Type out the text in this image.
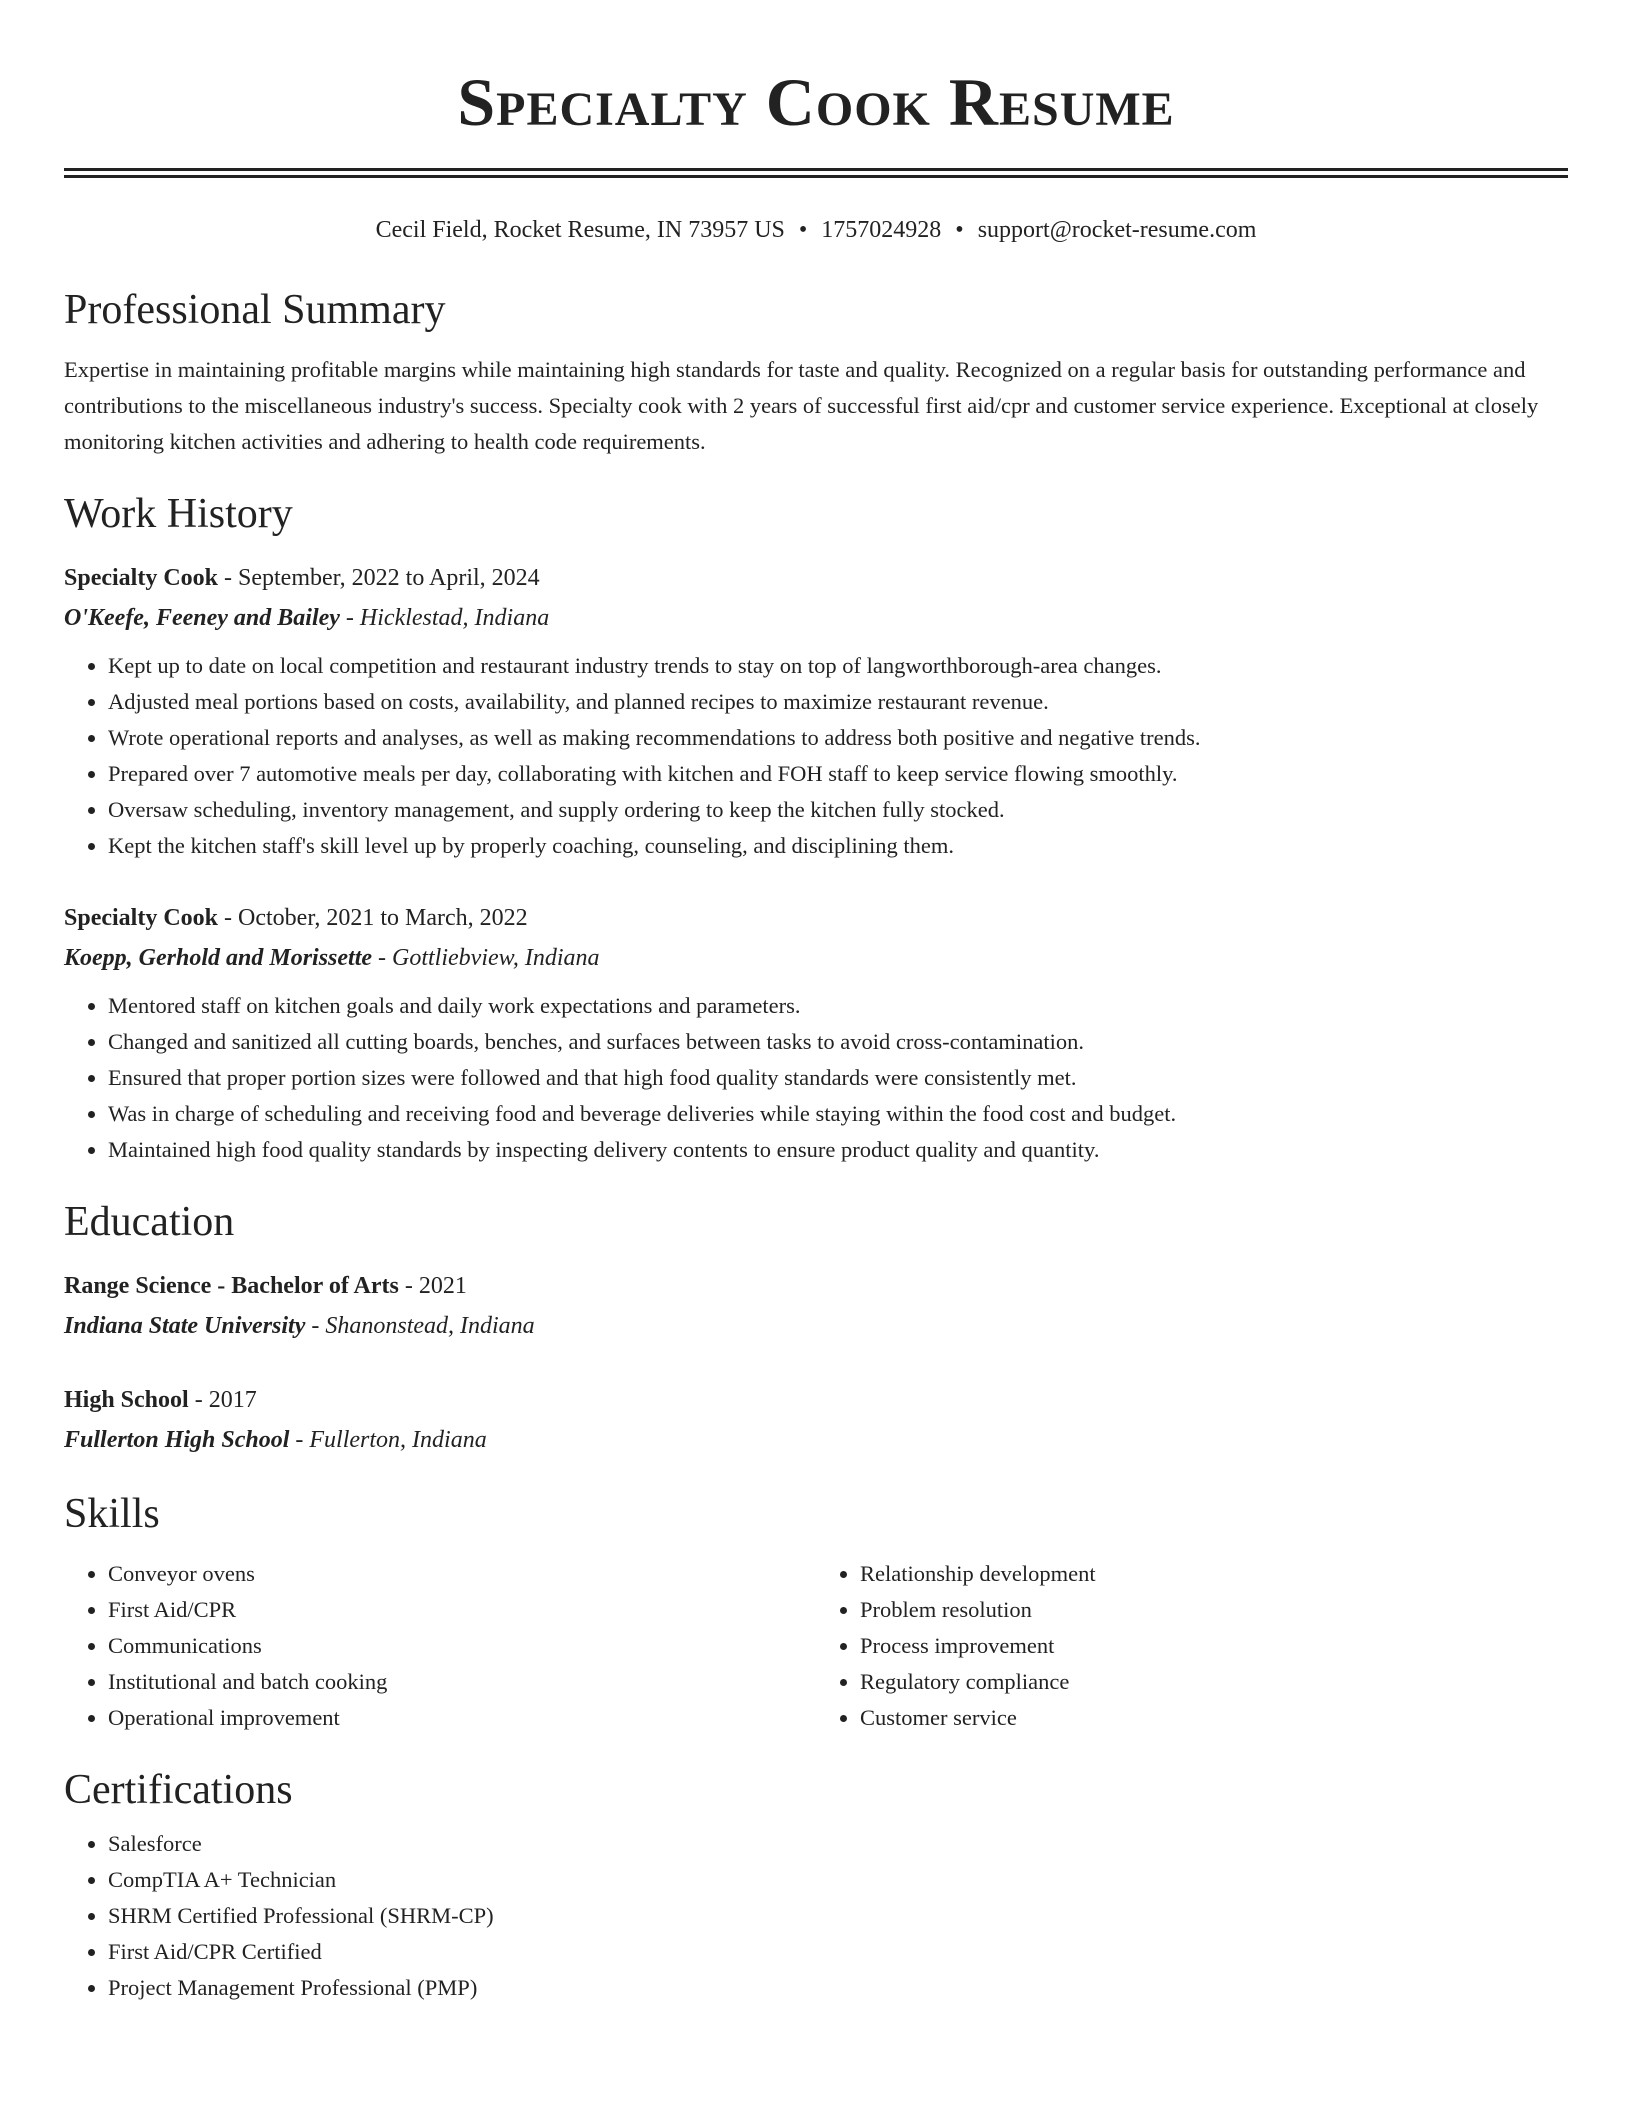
Specialty Cook Resume
Cecil Field, Rocket Resume, IN 73957 US • 1757024928 • support@rocket-resume.com
Professional Summary

Expertise in maintaining profitable margins while maintaining high standards for taste and quality. Recognized on a regular basis for outstanding performance and contributions to the miscellaneous industry's success. Specialty cook with 2 years of successful first aid/cpr and customer service experience. Exceptional at closely monitoring kitchen activities and adhering to health code requirements.

Work History
Specialty Cook - September, 2022 to April, 2024
O'Keefe, Feeney and Bailey - Hicklestad, Indiana
• Kept up to date on local competition and restaurant industry trends to stay on top of langworthborough-area changes.
• Adjusted meal portions based on costs, availability, and planned recipes to maximize restaurant revenue.
• Wrote operational reports and analyses, as well as making recommendations to address both positive and negative trends.
• Prepared over 7 automotive meals per day, collaborating with kitchen and FOH staff to keep service flowing smoothly.
• Oversaw scheduling, inventory management, and supply ordering to keep the kitchen fully stocked.
• Kept the kitchen staff's skill level up by properly coaching, counseling, and disciplining them.
Specialty Cook - October, 2021 to March, 2022
Koepp, Gerhold and Morissette - Gottliebview, Indiana
• Mentored staff on kitchen goals and daily work expectations and parameters.
• Changed and sanitized all cutting boards, benches, and surfaces between tasks to avoid cross-contamination.
• Ensured that proper portion sizes were followed and that high food quality standards were consistently met.
• Was in charge of scheduling and receiving food and beverage deliveries while staying within the food cost and budget.
• Maintained high food quality standards by inspecting delivery contents to ensure product quality and quantity.
Education
Range Science - Bachelor of Arts - 2021
Indiana State University - Shanonstead, Indiana
High School - 2017
Fullerton High School - Fullerton, Indiana
Skills
• Conveyor ovens
• First Aid/CPR
• Communications
• Institutional and batch cooking
• Operational improvement
• Relationship development
• Problem resolution
• Process improvement
• Regulatory compliance
• Customer service
Certifications
• Salesforce
• CompTIA A+ Technician
• SHRM Certified Professional (SHRM-CP)
• First Aid/CPR Certified
• Project Management Professional (PMP)
